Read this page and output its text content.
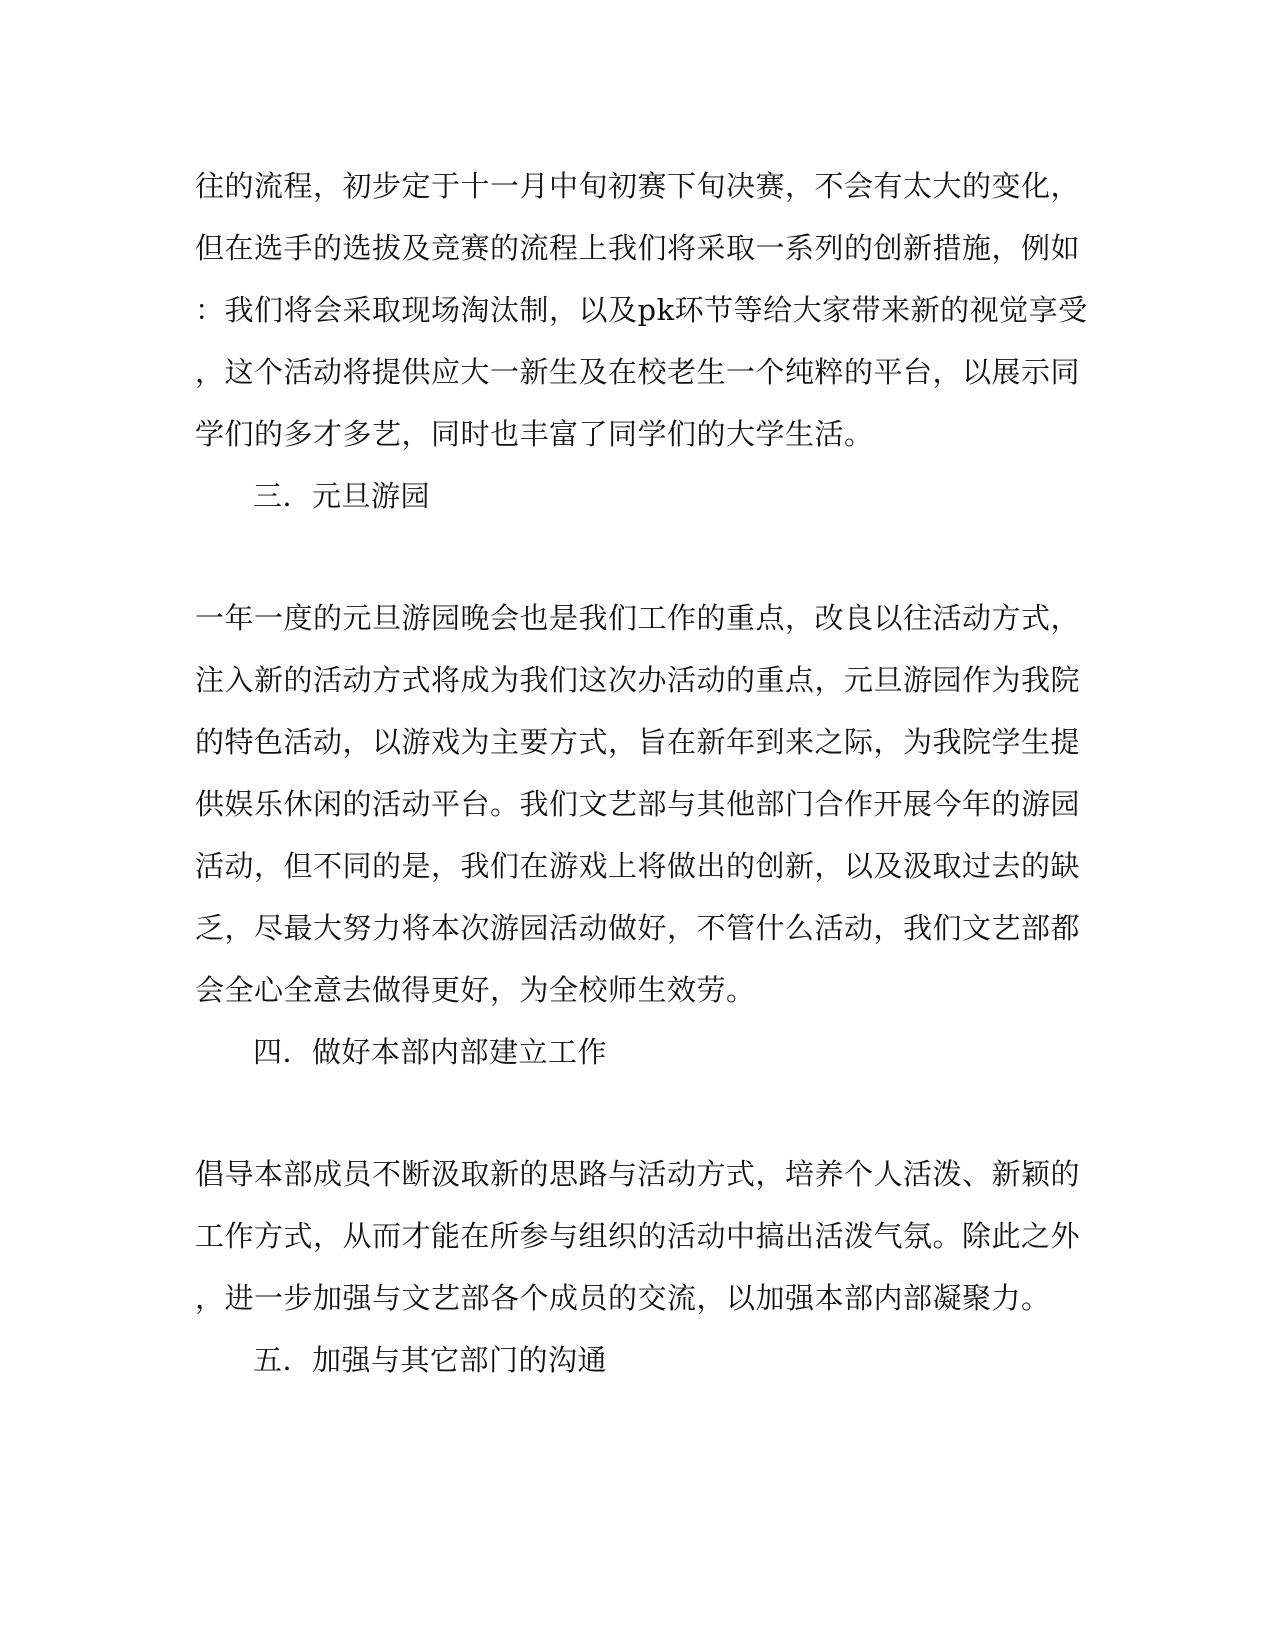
往的流程，初步定于十一月中旬初赛下旬决赛，不会有太大的变化，

但在选手的选拔及竞赛的流程上我们将采取一系列的创新措施，例如

：我们将会采取现场淘汰制，以及pk环节等给大家带来新的视觉享受

，这个活动将提供应大一新生及在校老生一个纯粹的平台，以展示同

学们的多才多艺，同时也丰富了同学们的大学生活。

三．元旦游园

一年一度的元旦游园晚会也是我们工作的重点，改良以往活动方式，

注入新的活动方式将成为我们这次办活动的重点，元旦游园作为我院

的特色活动，以游戏为主要方式，旨在新年到来之际，为我院学生提

供娱乐休闲的活动平台。我们文艺部与其他部门合作开展今年的游园

活动，但不同的是，我们在游戏上将做出的创新，以及汲取过去的缺

乏，尽最大努力将本次游园活动做好，不管什么活动，我们文艺部都

会全心全意去做得更好，为全校师生效劳。

四．做好本部内部建立工作

倡导本部成员不断汲取新的思路与活动方式，培养个人活泼、新颖的

工作方式，从而才能在所参与组织的活动中搞出活泼气氛。除此之外

，进一步加强与文艺部各个成员的交流，以加强本部内部凝聚力。

五．加强与其它部门的沟通
